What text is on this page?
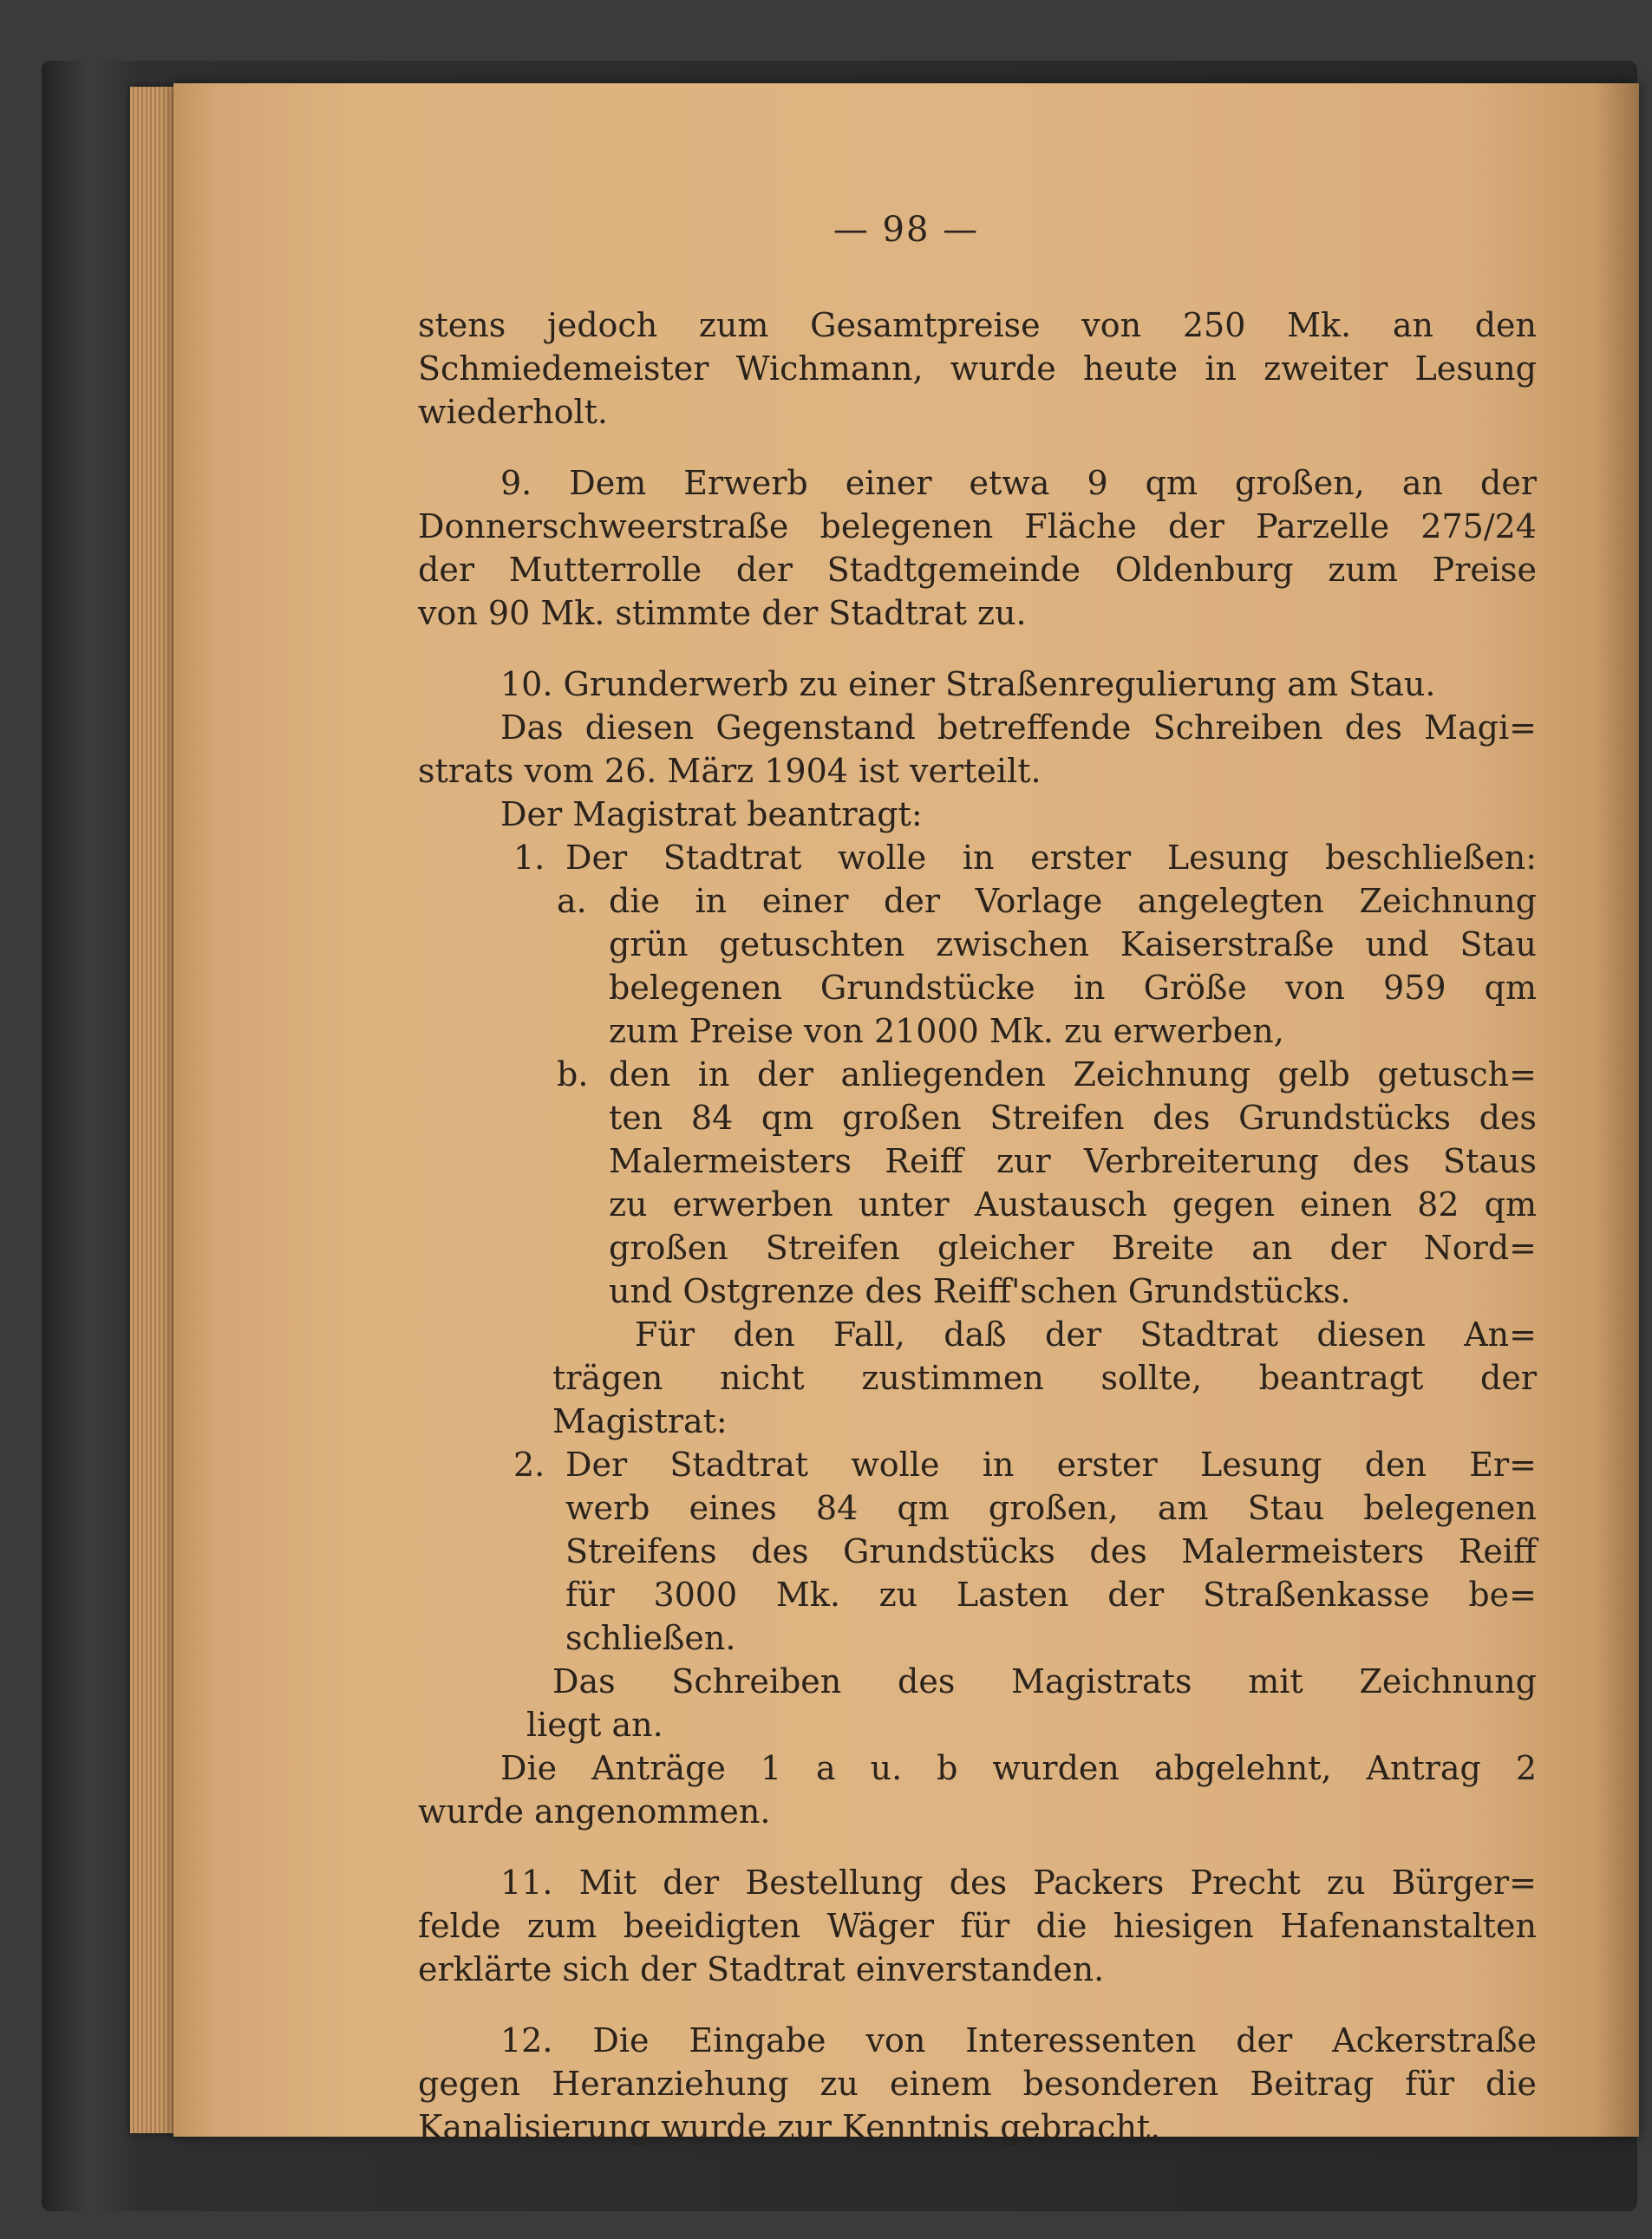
— 98 —
stens jedoch zum Gesamtpreise von 250 Mk. an den
Schmiedemeister Wichmann, wurde heute in zweiter Lesung
wiederholt.
9. Dem Erwerb einer etwa 9 qm großen, an der
Donnerschweerstraße belegenen Fläche der Parzelle 275/24
der Mutterrolle der Stadtgemeinde Oldenburg zum Preise
von 90 Mk. stimmte der Stadtrat zu.
10. Grunderwerb zu einer Straßenregulierung am Stau.
Das diesen Gegenstand betreffende Schreiben des Magi=
strats vom 26. März 1904 ist verteilt.
Der Magistrat beantragt:
1. Der Stadtrat wolle in erster Lesung beschließen:
a. die in einer der Vorlage angelegten Zeichnung
grün getuschten zwischen Kaiserstraße und Stau
belegenen Grundstücke in Größe von 959 qm
zum Preise von 21000 Mk. zu erwerben,
b. den in der anliegenden Zeichnung gelb getusch=
ten 84 qm großen Streifen des Grundstücks des
Malermeisters Reiff zur Verbreiterung des Staus
zu erwerben unter Austausch gegen einen 82 qm
großen Streifen gleicher Breite an der Nord=
und Ostgrenze des Reiff'schen Grundstücks.
Für den Fall, daß der Stadtrat diesen An=
trägen nicht zustimmen sollte, beantragt der
Magistrat:
2. Der Stadtrat wolle in erster Lesung den Er=
werb eines 84 qm großen, am Stau belegenen
Streifens des Grundstücks des Malermeisters Reiff
für 3000 Mk. zu Lasten der Straßenkasse be=
schließen.
Das Schreiben des Magistrats mit Zeichnung
liegt an.
Die Anträge 1 a u. b wurden abgelehnt, Antrag 2
wurde angenommen.
11. Mit der Bestellung des Packers Precht zu Bürger=
felde zum beeidigten Wäger für die hiesigen Hafenanstalten
erklärte sich der Stadtrat einverstanden.
12. Die Eingabe von Interessenten der Ackerstraße
gegen Heranziehung zu einem besonderen Beitrag für die
Kanalisierung wurde zur Kenntnis gebracht.
